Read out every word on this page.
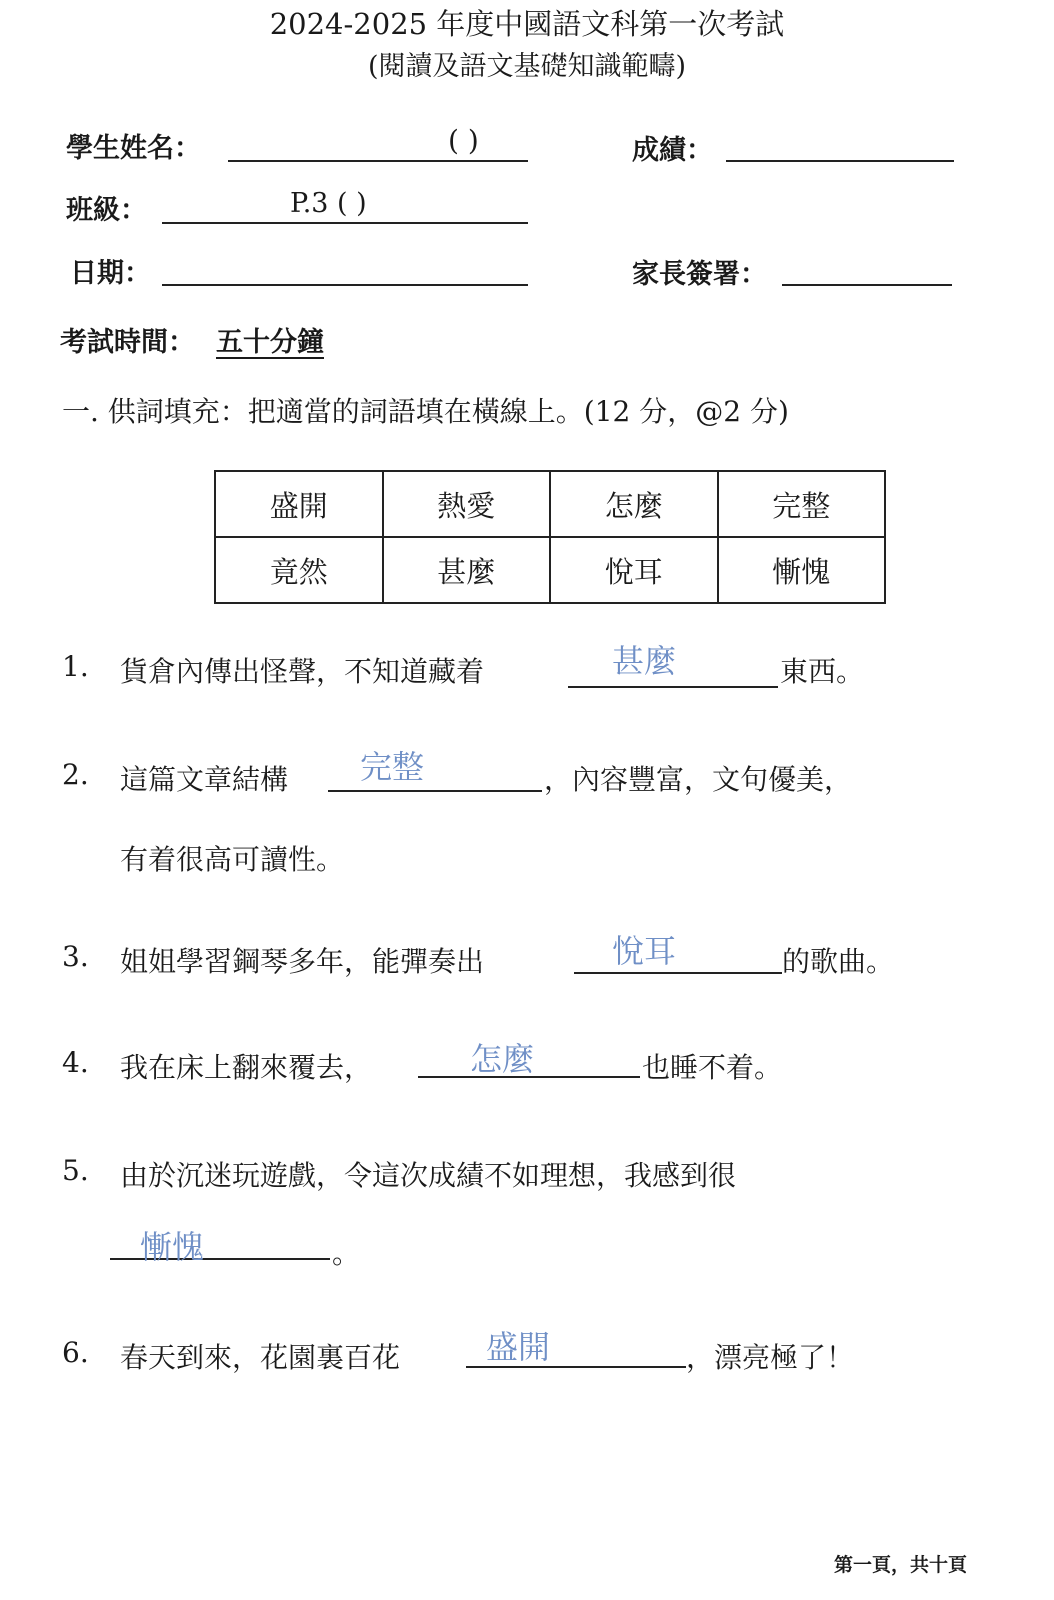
2024-2025 年度中國語文科第一次考試
(閱讀及語文基礎知識範疇)
學生姓名：	( )	成績：
班級：	P.3 ( )
日期：	家長簽署：
考試時間： 五十分鐘
一. 供詞填充：把適當的詞語填在橫線上。(12 分，@2 分)
盛開	熱愛	怎麼	完整
竟然	甚麼	悅耳	慚愧
1. 貨倉內傳出怪聲，不知道藏着	甚麼	東西。
2. 這篇文章結構 完整	，內容豐富，文句優美，
有着很高可讀性。
3. 姐姐學習鋼琴多年，能彈奏出	悅耳	的歌曲。
4. 我在床上翻來覆去，	怎麼	也睡不着。
5. 由於沉迷玩遊戲，令這次成績不如理想，我感到很
慚愧	。
6. 春天到來，花園裏百花	盛開	，漂亮極了！
第一頁，共十頁
